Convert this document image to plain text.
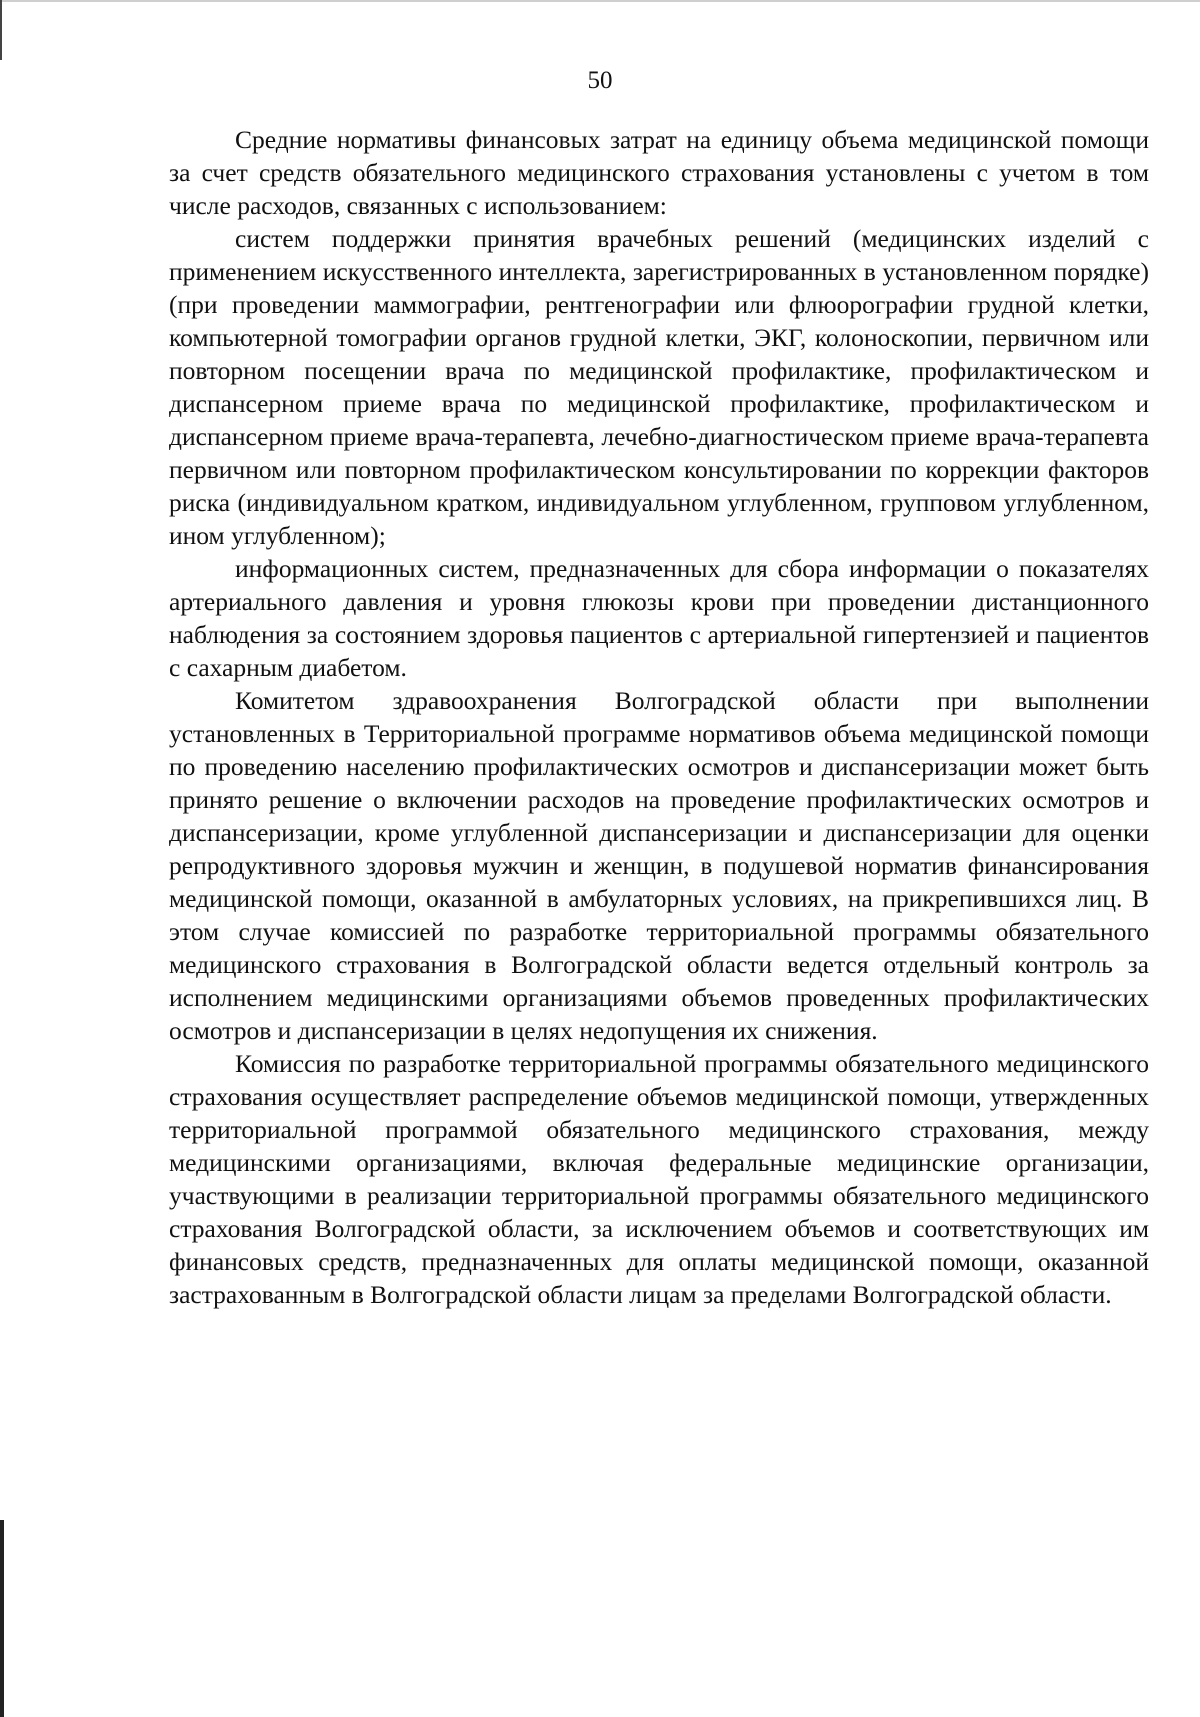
50

Средние нормативы финансовых затрат на единицу объема медицинской помощи за счет средств обязательного медицинского страхования установлены с учетом в том числе расходов, связанных с использованием:

систем поддержки принятия врачебных решений (медицинских изделий с применением искусственного интеллекта, зарегистрированных в установленном порядке) (при проведении маммографии, рентгенографии или флюорографии грудной клетки, компьютерной томографии органов грудной клетки, ЭКГ, колоноскопии, первичном или повторном посещении врача по медицинской профилактике, профилактическом и диспансерном приеме врача по медицинской профилактике, профилактическом и диспансерном приеме врача-терапевта, лечебно-диагностическом приеме врача-терапевта первичном или повторном профилактическом консультировании по коррекции факторов риска (индивидуальном кратком, индивидуальном углубленном, групповом углубленном, ином углубленном);

информационных систем, предназначенных для сбора информации о показателях артериального давления и уровня глюкозы крови при проведении дистанционного наблюдения за состоянием здоровья пациентов с артериальной гипертензией и пациентов с сахарным диабетом.

Комитетом здравоохранения Волгоградской области при выполнении установленных в Территориальной программе нормативов объема медицинской помощи по проведению населению профилактических осмотров и диспансеризации может быть принято решение о включении расходов на проведение профилактических осмотров и диспансеризации, кроме углубленной диспансеризации и диспансеризации для оценки репродуктивного здоровья мужчин и женщин, в подушевой норматив финансирования медицинской помощи, оказанной в амбулаторных условиях, на прикрепившихся лиц. В этом случае комиссией по разработке территориальной программы обязательного медицинского страхования в Волгоградской области ведется отдельный контроль за исполнением медицинскими организациями объемов проведенных профилактических осмотров и диспансеризации в целях недопущения их снижения.

Комиссия по разработке территориальной программы обязательного медицинского страхования осуществляет распределение объемов медицинской помощи, утвержденных территориальной программой обязательного медицинского страхования, между медицинскими организациями, включая федеральные медицинские организации, участвующими в реализации территориальной программы обязательного медицинского страхования Волгоградской области, за исключением объемов и соответствующих им финансовых средств, предназначенных для оплаты медицинской помощи, оказанной застрахованным в Волгоградской области лицам за пределами Волгоградской области.
